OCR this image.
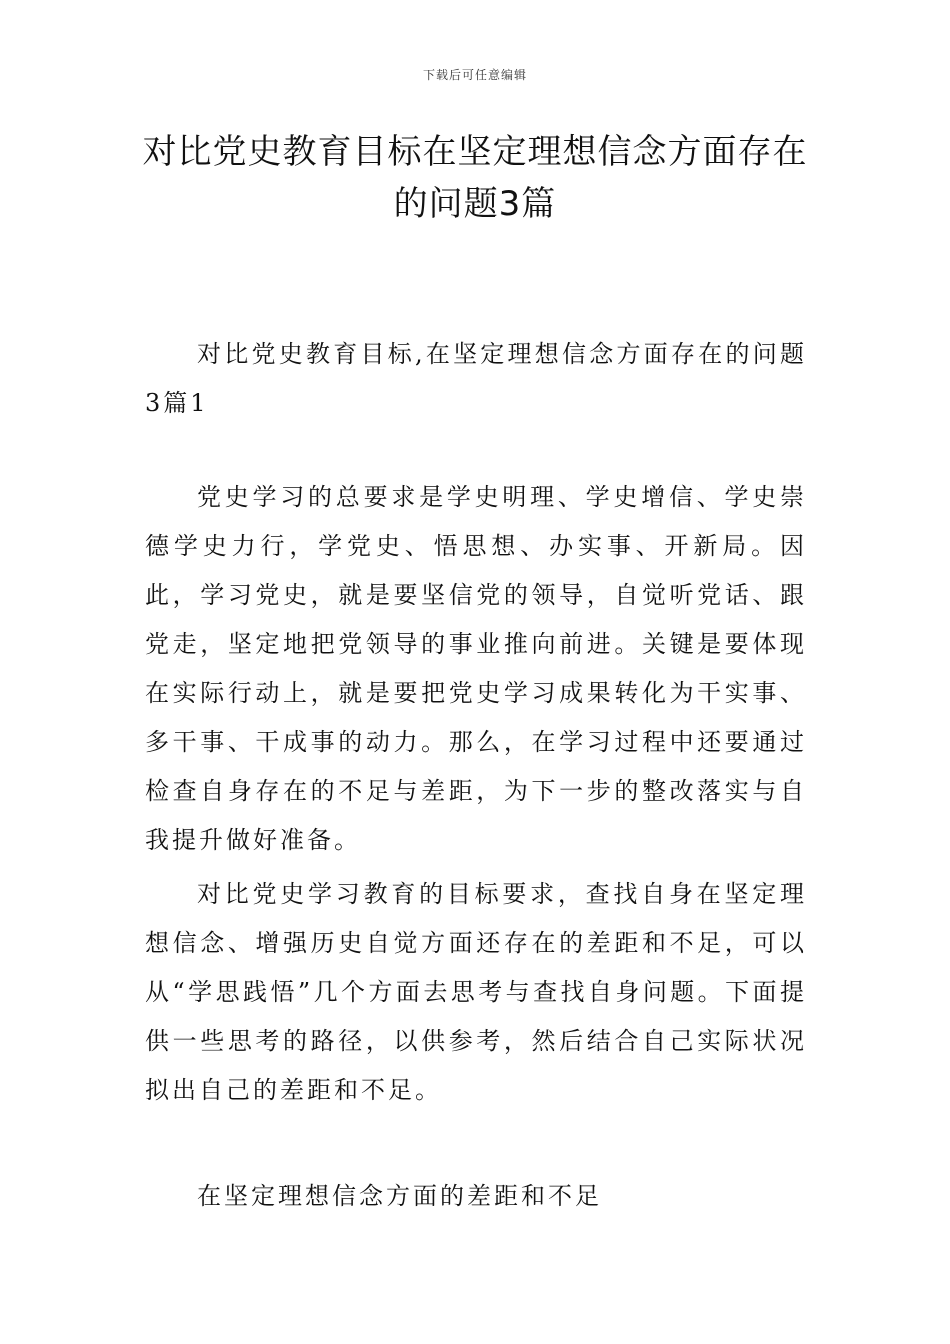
下载后可任意编辑
对比党史教育目标在坚定理想信念方面存在的问题3篇

对比党史教育目标,在坚定理想信念方面存在的问题3篇1

党史学习的总要求是学史明理、学史增信、学史崇德学史力行，学党史、悟思想、办实事、开新局。因此，学习党史，就是要坚信党的领导，自觉听党话、跟党走，坚定地把党领导的事业推向前进。关键是要体现在实际行动上，就是要把党史学习成果转化为干实事、多干事、干成事的动力。那么，在学习过程中还要通过检查自身存在的不足与差距，为下一步的整改落实与自我提升做好准备。

对比党史学习教育的目标要求，查找自身在坚定理想信念、增强历史自觉方面还存在的差距和不足，可以从“学思践悟”几个方面去思考与查找自身问题。下面提供一些思考的路径，以供参考，然后结合自己实际状况拟出自己的差距和不足。

在坚定理想信念方面的差距和不足
